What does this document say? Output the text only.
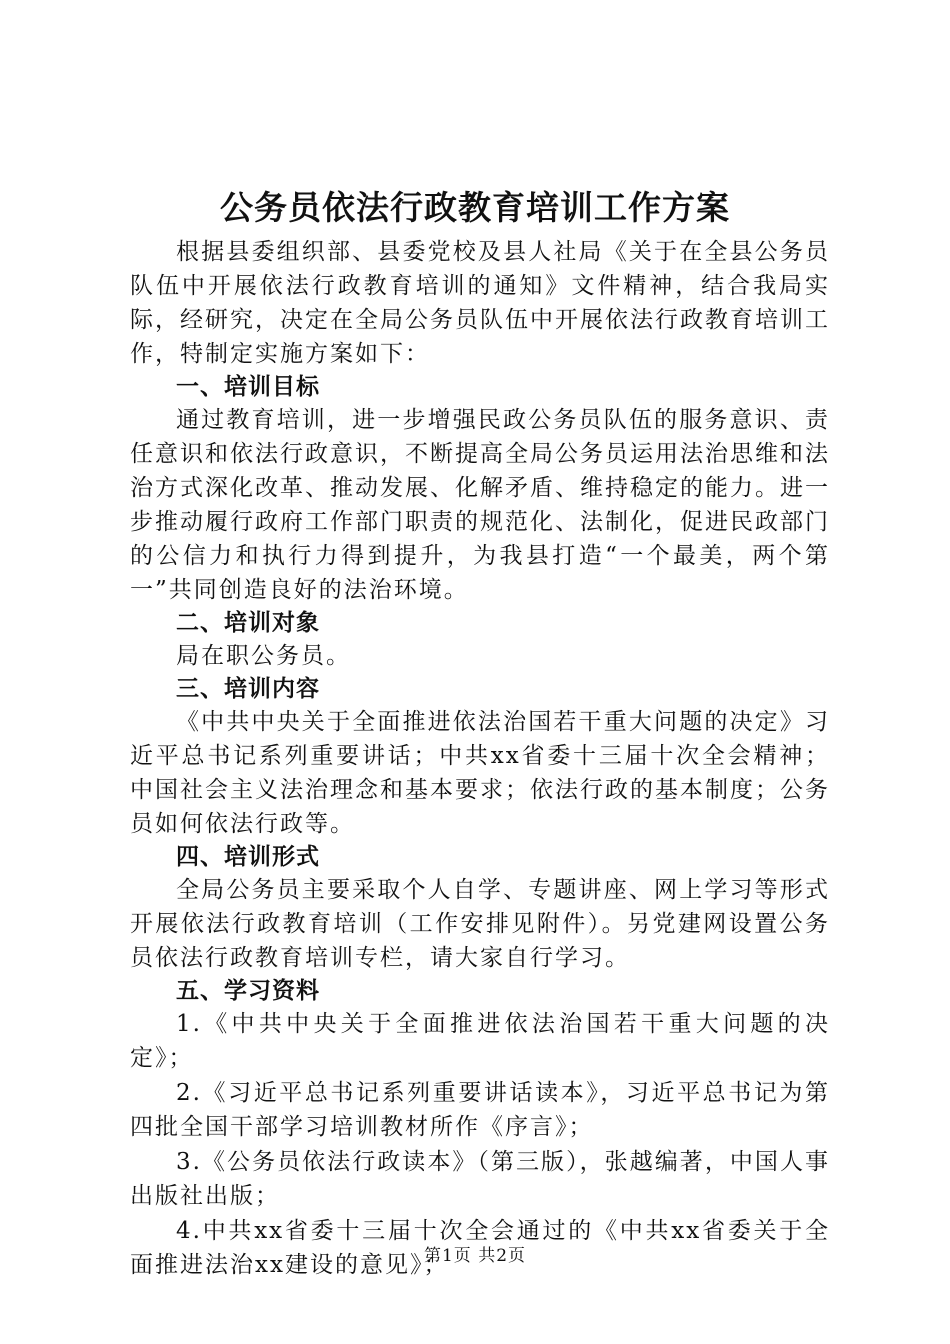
公务员依法行政教育培训工作方案

根据县委组织部、县委党校及县人社局《关于在全县公务员队伍中开展依法行政教育培训的通知》文件精神，结合我局实际，经研究，决定在全局公务员队伍中开展依法行政教育培训工作，特制定实施方案如下：

一、培训目标

通过教育培训，进一步增强民政公务员队伍的服务意识、责任意识和依法行政意识，不断提高全局公务员运用法治思维和法治方式深化改革、推动发展、化解矛盾、维持稳定的能力。进一步推动履行政府工作部门职责的规范化、法制化，促进民政部门的公信力和执行力得到提升，为我县打造“一个最美，两个第一”共同创造良好的法治环境。

二、培训对象

局在职公务员。

三、培训内容

《中共中央关于全面推进依法治国若干重大问题的决定》习近平总书记系列重要讲话；中共xx省委十三届十次全会精神；中国社会主义法治理念和基本要求；依法行政的基本制度；公务员如何依法行政等。

四、培训形式

全局公务员主要采取个人自学、专题讲座、网上学习等形式开展依法行政教育培训（工作安排见附件）。另党建网设置公务员依法行政教育培训专栏，请大家自行学习。

五、学习资料

1.《中共中央关于全面推进依法治国若干重大问题的决定》；

2.《习近平总书记系列重要讲话读本》，习近平总书记为第四批全国干部学习培训教材所作《序言》；

3.《公务员依法行政读本》（第三版），张越编著，中国人事出版社出版；

4.中共xx省委十三届十次全会通过的《中共xx省委关于全面推进法治xx建设的意见》；

第1页 共2页
